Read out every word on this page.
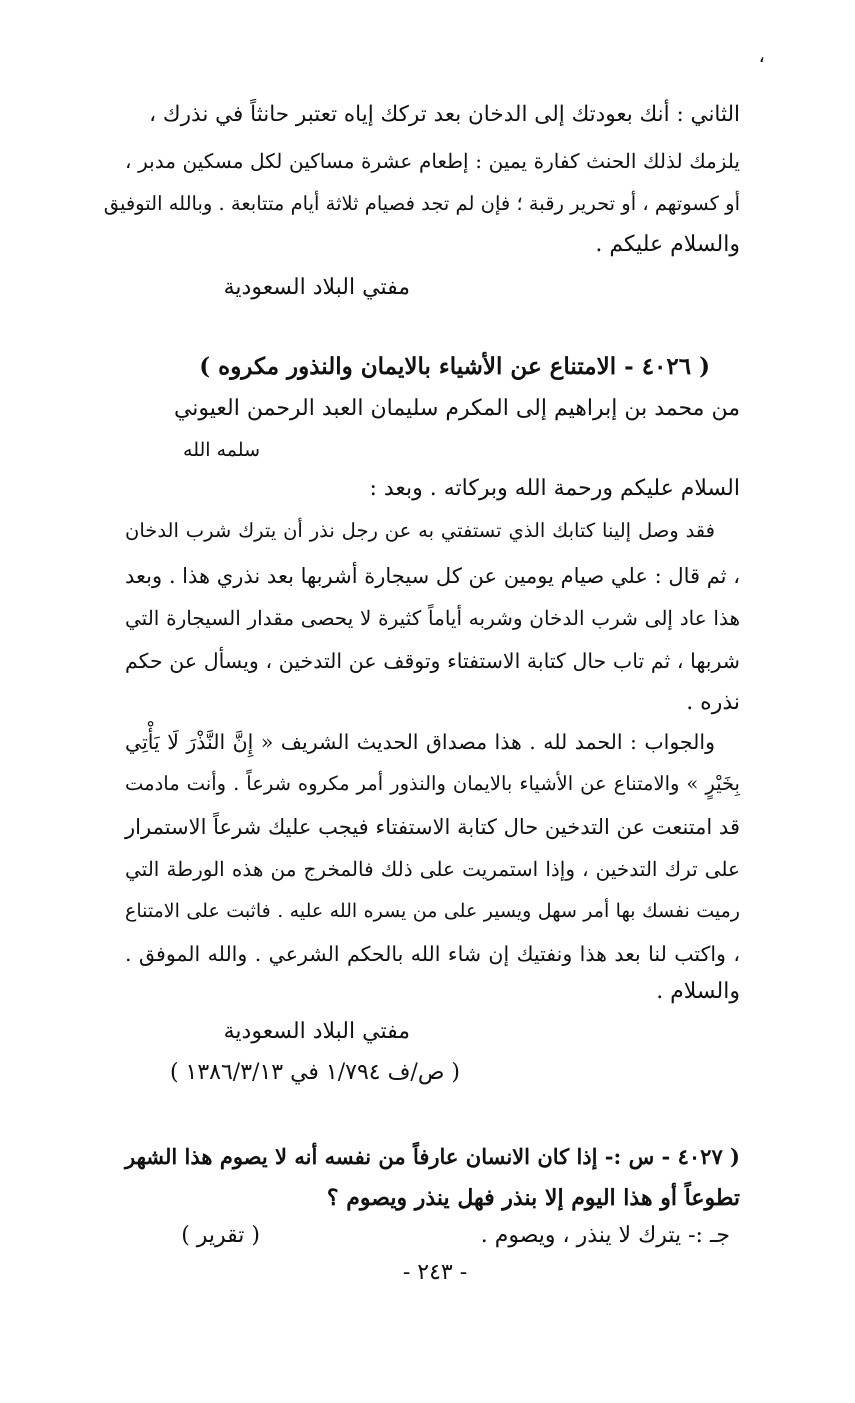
،
الثاني : أنك بعودتك إلى الدخان بعد تركك إياه تعتبر حانثاً في نذرك ،
يلزمك لذلك الحنث كفارة يمين : إطعام عشرة مساكين لكل مسكين مدبر ،
أو كسوتهم ، أو تحرير رقبة ؛ فإن لم تجد فصيام ثلاثة أيام متتابعة . وبالله التوفيق
والسلام عليكم .
مفتي البلاد السعودية
( ٤٠٢٦ - الامتناع عن الأشياء بالايمان والنذور مكروه )
من محمد بن إبراهيم إلى المكرم سليمان العبد الرحمن العيوني
سلمه الله
السلام عليكم ورحمة الله وبركاته . وبعد :
فقد وصل إلينا كتابك الذي تستفتي به عن رجل نذر أن يترك شرب الدخان
، ثم قال : علي صيام يومين عن كل سيجارة أشربها بعد نذري هذا . وبعد
هذا عاد إلى شرب الدخان وشربه أياماً كثيرة لا يحصى مقدار السيجارة التي
شربها ، ثم تاب حال كتابة الاستفتاء وتوقف عن التدخين ، ويسأل عن حكم
نذره .
والجواب : الحمد لله . هذا مصداق الحديث الشريف « إِنَّ النَّذْرَ لَا يَأْتِي
بِخَيْرٍ » والامتناع عن الأشياء بالايمان والنذور أمر مكروه شرعاً . وأنت مادمت
قد امتنعت عن التدخين حال كتابة الاستفتاء فيجب عليك شرعاً الاستمرار
على ترك التدخين ، وإذا استمريت على ذلك فالمخرج من هذه الورطة التي
رميت نفسك بها أمر سهل ويسير على من يسره الله عليه . فاثبت على الامتناع
، واكتب لنا بعد هذا ونفتيك إن شاء الله بالحكم الشرعي . والله الموفق .
والسلام .
مفتي البلاد السعودية
( ص/ف ١/٧٩٤ في ١٣٨٦/٣/١٣ )
( ٤٠٢٧ - س :- إذا كان الانسان عارفاً من نفسه أنه لا يصوم هذا الشهر
تطوعاً أو هذا اليوم إلا بنذر فهل ينذر ويصوم ؟
جـ :- يترك لا ينذر ، ويصوم .
( تقرير )
- ٢٤٣ -
